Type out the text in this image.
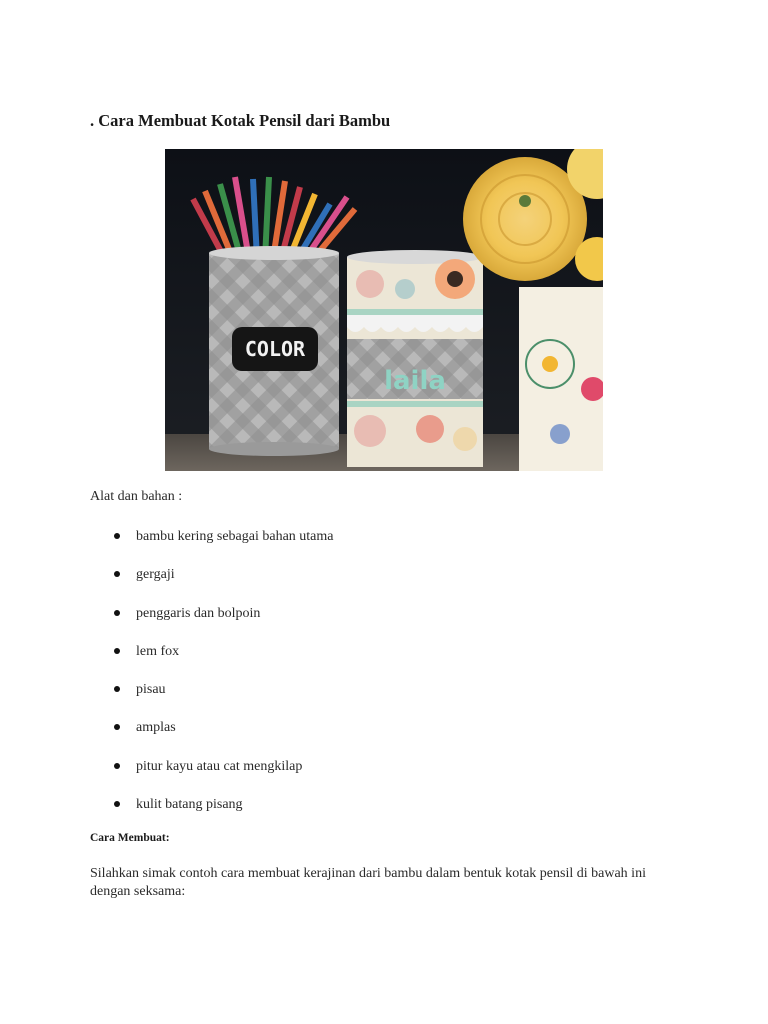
. Cara Membuat Kotak Pensil dari Bambu
COLOR
laila
Alat dan bahan :
bambu kering sebagai bahan utama
gergaji
penggaris dan bolpoin
lem fox
pisau
amplas
pitur kayu atau cat mengkilap
kulit batang pisang
Cara Membuat:

Silahkan simak contoh cara membuat kerajinan dari bambu dalam bentuk kotak pensil di bawah ini dengan seksama:
